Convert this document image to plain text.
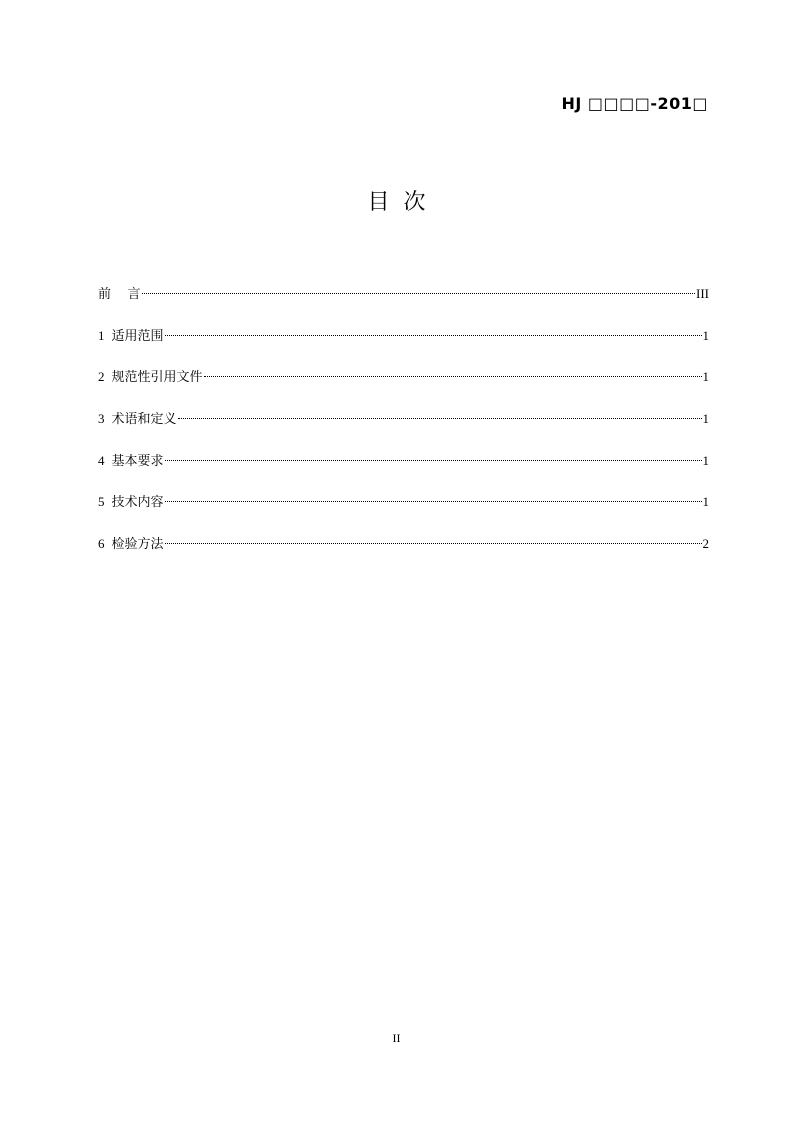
HJ □□□□-201□
目  次
前    言	III
1 适用范围	1
2 规范性引用文件	1
3 术语和定义	1
4 基本要求	1
5 技术内容	1
6 检验方法	2
II
